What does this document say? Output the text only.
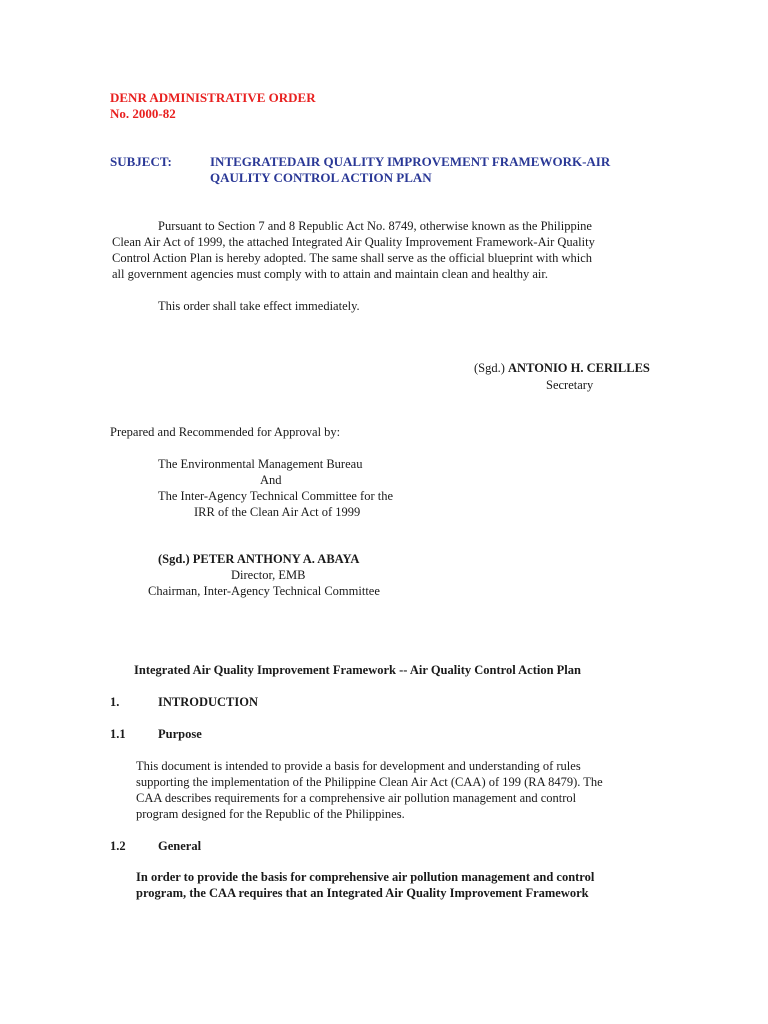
DENR ADMINISTRATIVE ORDER
No. 2000-82
SUBJECT:	INTEGRATEDAIR QUALITY IMPROVEMENT FRAMEWORK-AIR
QAULITY CONTROL ACTION PLAN
Pursuant to Section 7 and 8 Republic Act No. 8749, otherwise known as the Philippine
Clean Air Act of 1999, the attached Integrated Air Quality Improvement Framework-Air Quality
Control Action Plan is hereby adopted. The same shall serve as the official blueprint with which
all government agencies must comply with to attain and maintain clean and healthy air.
This order shall take effect immediately.
(Sgd.) ANTONIO H. CERILLES
Secretary
Prepared and Recommended for Approval by:
The Environmental Management Bureau
And
The Inter-Agency Technical Committee for the
IRR of the Clean Air Act of 1999
(Sgd.) PETER ANTHONY A. ABAYA
Director, EMB
Chairman, Inter-Agency Technical Committee
Integrated Air Quality Improvement Framework -- Air Quality Control Action Plan
1.	INTRODUCTION
1.1	Purpose
This document is intended to provide a basis for development and understanding of rules
supporting the implementation of the Philippine Clean Air Act (CAA) of 199 (RA 8479). The
CAA describes requirements for a comprehensive air pollution management and control
program designed for the Republic of the Philippines.
1.2	General
In order to provide the basis for comprehensive air pollution management and control
program, the CAA requires that an Integrated Air Quality Improvement Framework
